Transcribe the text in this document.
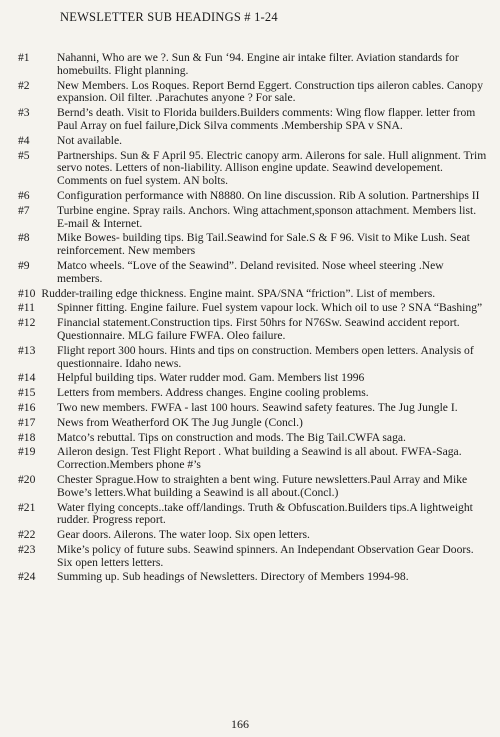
NEWSLETTER SUB HEADINGS # 1-24
#1 Nahanni, Who are we ?. Sun & Fun ‘94. Engine air intake filter. Aviation standards for homebuilts. Flight planning.
#2 New Members. Los Roques. Report Bernd Eggert. Construction tips aileron cables. Canopy expansion. Oil filter. .Parachutes anyone ? For sale.
#3 Bernd’s death. Visit to Florida builders.Builders comments: Wing flow flapper. letter from Paul Array on fuel failure,Dick Silva comments .Membership SPA v SNA.
#4 Not available.
#5 Partnerships. Sun & F April 95. Electric canopy arm. Ailerons for sale. Hull alignment. Trim servo notes. Letters of non-liability. Allison engine update. Seawind developement. Comments on fuel system. AN bolts.
#6 Configuration performance with N8880. On line discussion. Rib A solution. Partnerships II
#7 Turbine engine. Spray rails. Anchors. Wing attachment,sponson attachment. Members list. E-mail & Internet.
#8 Mike Bowes- building tips. Big Tail.Seawind for Sale.S & F 96. Visit to Mike Lush. Seat reinforcement. New members
#9 Matco wheels. “Love of the Seawind”. Deland revisited. Nose wheel steering .New members.
#10 Rudder-trailing edge thickness. Engine maint. SPA/SNA “friction”. List of members.
#11 Spinner fitting. Engine failure. Fuel system vapour lock. Which oil to use ? SNA “Bashing”
#12 Financial statement.Construction tips. First 50hrs for N76Sw. Seawind accident report. Questionnaire. MLG failure FWFA. Oleo failure.
#13 Flight report 300 hours. Hints and tips on construction. Members open letters. Analysis of questionnaire. Idaho news.
#14 Helpful building tips. Water rudder mod. Gam. Members list 1996
#15 Letters from members. Address changes. Engine cooling problems.
#16 Two new members. FWFA - last 100 hours. Seawind safety features. The Jug Jungle I.
#17 News from Weatherford OK The Jug Jungle (Concl.)
#18 Matco’s rebuttal. Tips on construction and mods. The Big Tail.CWFA saga.
#19 Aileron design. Test Flight Report . What building a Seawind is all about. FWFA-Saga. Correction.Members phone #’s
#20 Chester Sprague.How to straighten a bent wing. Future newsletters.Paul Array and Mike Bowe’s letters.What building a Seawind is all about.(Concl.)
#21 Water flying concepts..take off/landings. Truth & Obfuscation.Builders tips.A lightweight rudder. Progress report.
#22 Gear doors. Ailerons. The water loop. Six open letters.
#23 Mike’s policy of future subs. Seawind spinners. An Independant Observation Gear Doors. Six open letters letters.
#24 Summing up. Sub headings of Newsletters. Directory of Members 1994-98.
166
